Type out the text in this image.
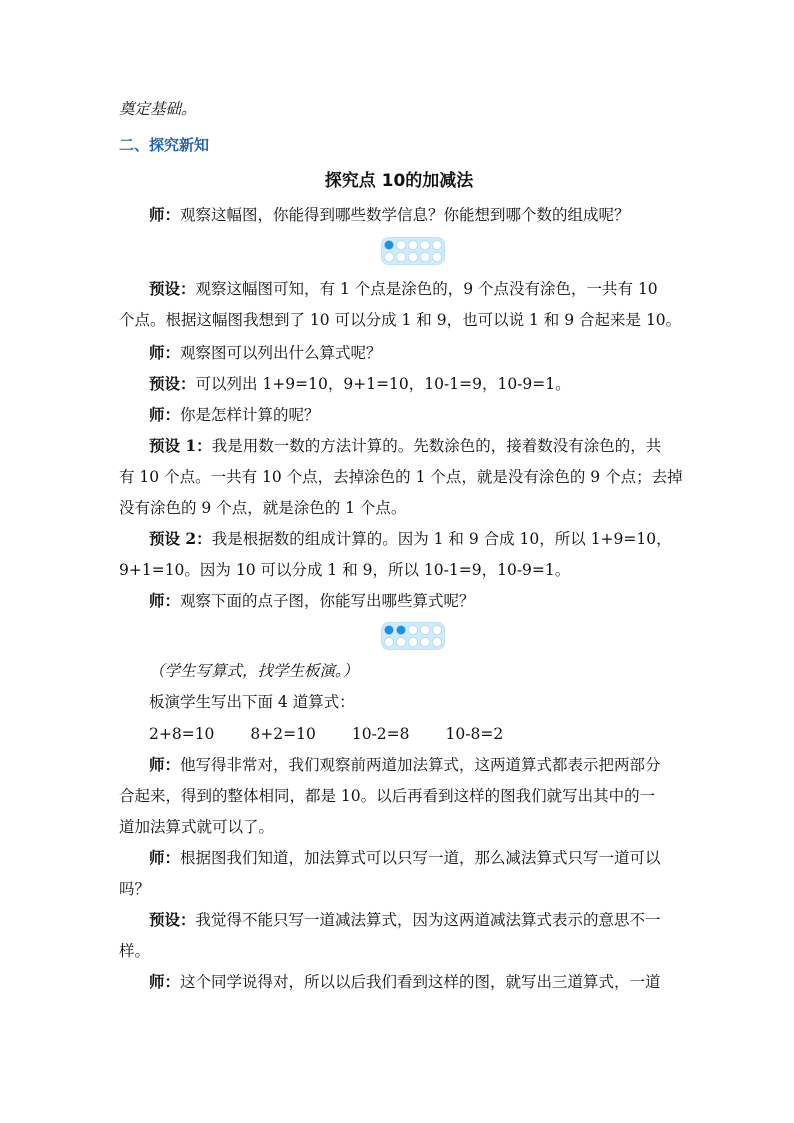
奠定基础。
二、探究新知
探究点 10的加减法
师：观察这幅图，你能得到哪些数学信息？你能想到哪个数的组成呢？
预设：观察这幅图可知，有 1 个点是涂色的，9 个点没有涂色，一共有 10
个点。根据这幅图我想到了 10 可以分成 1 和 9，也可以说 1 和 9 合起来是 10。
师：观察图可以列出什么算式呢？
预设：可以列出 1+9=10，9+1=10，10-1=9，10-9=1。
师：你是怎样计算的呢？
预设 1：我是用数一数的方法计算的。先数涂色的，接着数没有涂色的，共
有 10 个点。一共有 10 个点，去掉涂色的 1 个点，就是没有涂色的 9 个点；去掉
没有涂色的 9 个点，就是涂色的 1 个点。
预设 2：我是根据数的组成计算的。因为 1 和 9 合成 10，所以 1+9=10，
9+1=10。因为 10 可以分成 1 和 9，所以 10-1=9，10-9=1。
师：观察下面的点子图，你能写出哪些算式呢？
（学生写算式，找学生板演。）
板演学生写出下面 4 道算式：
2+8=10 8+2=10 10-2=8 10-8=2
师：他写得非常对，我们观察前两道加法算式，这两道算式都表示把两部分
合起来，得到的整体相同，都是 10。以后再看到这样的图我们就写出其中的一
道加法算式就可以了。
师：根据图我们知道，加法算式可以只写一道，那么减法算式只写一道可以
吗？
预设：我觉得不能只写一道减法算式，因为这两道减法算式表示的意思不一
样。
师：这个同学说得对，所以以后我们看到这样的图，就写出三道算式，一道
